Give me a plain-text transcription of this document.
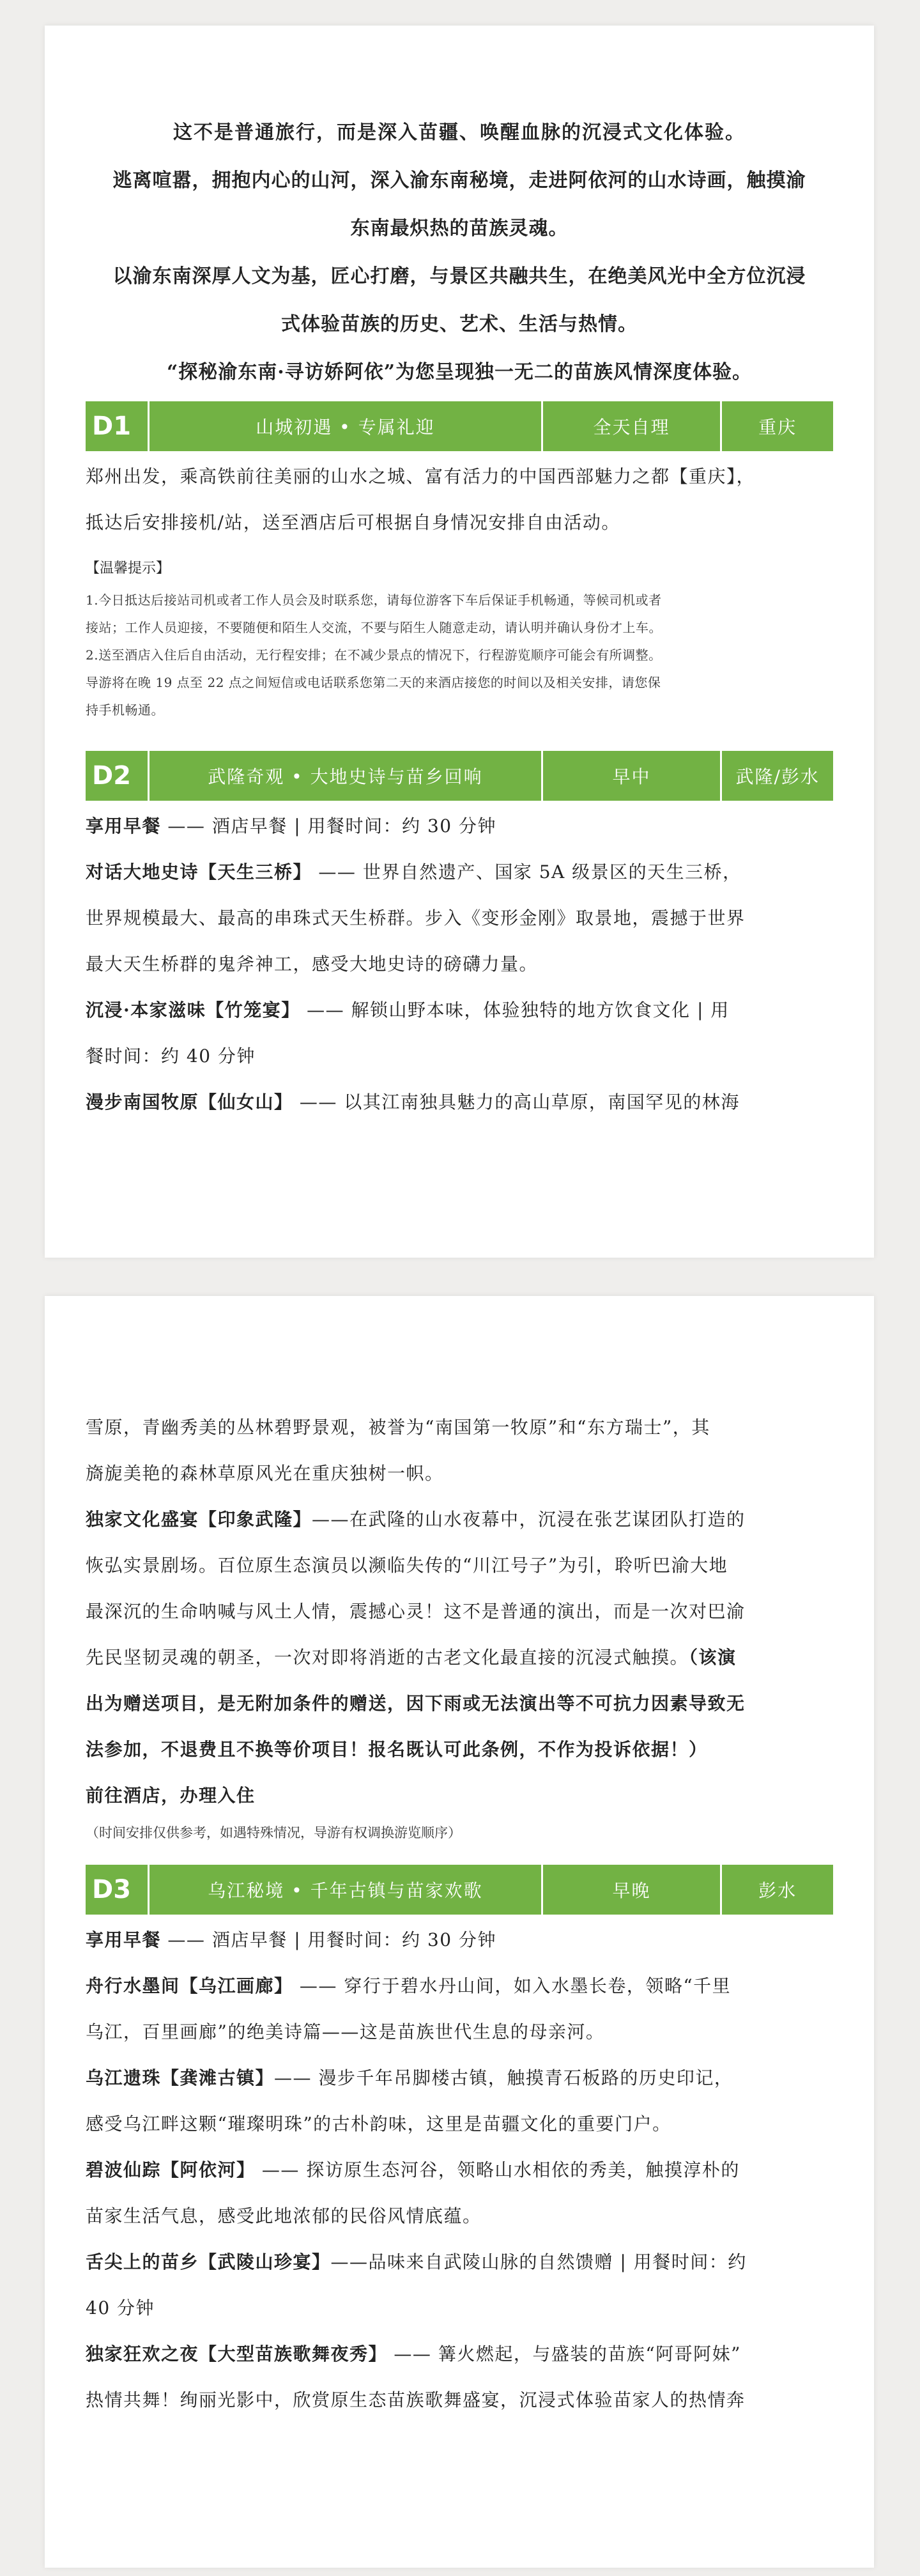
这不是普通旅行，而是深入苗疆、唤醒血脉的沉浸式文化体验。

逃离喧嚣，拥抱内心的山河，深入渝东南秘境，走进阿依河的山水诗画，触摸渝

东南最炽热的苗族灵魂。

以渝东南深厚人文为基，匠心打磨，与景区共融共生，在绝美风光中全方位沉浸

式体验苗族的历史、艺术、生活与热情。

“探秘渝东南·寻访娇阿依”为您呈现独一无二的苗族风情深度体验。

D1	山城初遇 • 专属礼迎	全天自理	重庆

郑州出发，乘高铁前往美丽的山水之城、富有活力的中国西部魅力之都【重庆】，

抵达后安排接机/站，送至酒店后可根据自身情况安排自由活动。

【温馨提示】

1.今日抵达后接站司机或者工作人员会及时联系您，请每位游客下车后保证手机畅通，等候司机或者

接站；工作人员迎接，不要随便和陌生人交流，不要与陌生人随意走动，请认明并确认身份才上车。

2.送至酒店入住后自由活动，无行程安排；在不减少景点的情况下，行程游览顺序可能会有所调整。

导游将在晚 19 点至 22 点之间短信或电话联系您第二天的来酒店接您的时间以及相关安排，请您保

持手机畅通。

D2	武隆奇观 • 大地史诗与苗乡回响	早中	武隆/彭水

享用早餐 —— 酒店早餐 | 用餐时间：约 30 分钟

对话大地史诗【天生三桥】 —— 世界自然遗产、国家 5A 级景区的天生三桥，

世界规模最大、最高的串珠式天生桥群。步入《变形金刚》取景地，震撼于世界

最大天生桥群的鬼斧神工，感受大地史诗的磅礴力量。

沉浸·本家滋味【竹笼宴】 —— 解锁山野本味，体验独特的地方饮食文化 | 用

餐时间：约 40 分钟

漫步南国牧原【仙女山】 —— 以其江南独具魅力的高山草原，南国罕见的林海

雪原，青幽秀美的丛林碧野景观，被誉为“南国第一牧原”和“东方瑞士”，其

旖旎美艳的森林草原风光在重庆独树一帜。

独家文化盛宴【印象武隆】——在武隆的山水夜幕中，沉浸在张艺谋团队打造的

恢弘实景剧场。百位原生态演员以濒临失传的“川江号子”为引，聆听巴渝大地

最深沉的生命呐喊与风土人情，震撼心灵！这不是普通的演出，而是一次对巴渝

先民坚韧灵魂的朝圣，一次对即将消逝的古老文化最直接的沉浸式触摸。（该演

出为赠送项目，是无附加条件的赠送，因下雨或无法演出等不可抗力因素导致无

法参加，不退费且不换等价项目！报名既认可此条例，不作为投诉依据！）

前往酒店，办理入住

（时间安排仅供参考，如遇特殊情况，导游有权调换游览顺序）

D3	乌江秘境 • 千年古镇与苗家欢歌	早晚	彭水

享用早餐 —— 酒店早餐 | 用餐时间：约 30 分钟

舟行水墨间【乌江画廊】 —— 穿行于碧水丹山间，如入水墨长卷，领略“千里

乌江，百里画廊”的绝美诗篇——这是苗族世代生息的母亲河。

乌江遗珠【龚滩古镇】—— 漫步千年吊脚楼古镇，触摸青石板路的历史印记，

感受乌江畔这颗“璀璨明珠”的古朴韵味，这里是苗疆文化的重要门户。

碧波仙踪【阿依河】 —— 探访原生态河谷，领略山水相依的秀美，触摸淳朴的

苗家生活气息，感受此地浓郁的民俗风情底蕴。

舌尖上的苗乡【武陵山珍宴】——品味来自武陵山脉的自然馈赠 | 用餐时间：约

40 分钟

独家狂欢之夜【大型苗族歌舞夜秀】 —— 篝火燃起，与盛装的苗族“阿哥阿妹”

热情共舞！绚丽光影中，欣赏原生态苗族歌舞盛宴，沉浸式体验苗家人的热情奔
